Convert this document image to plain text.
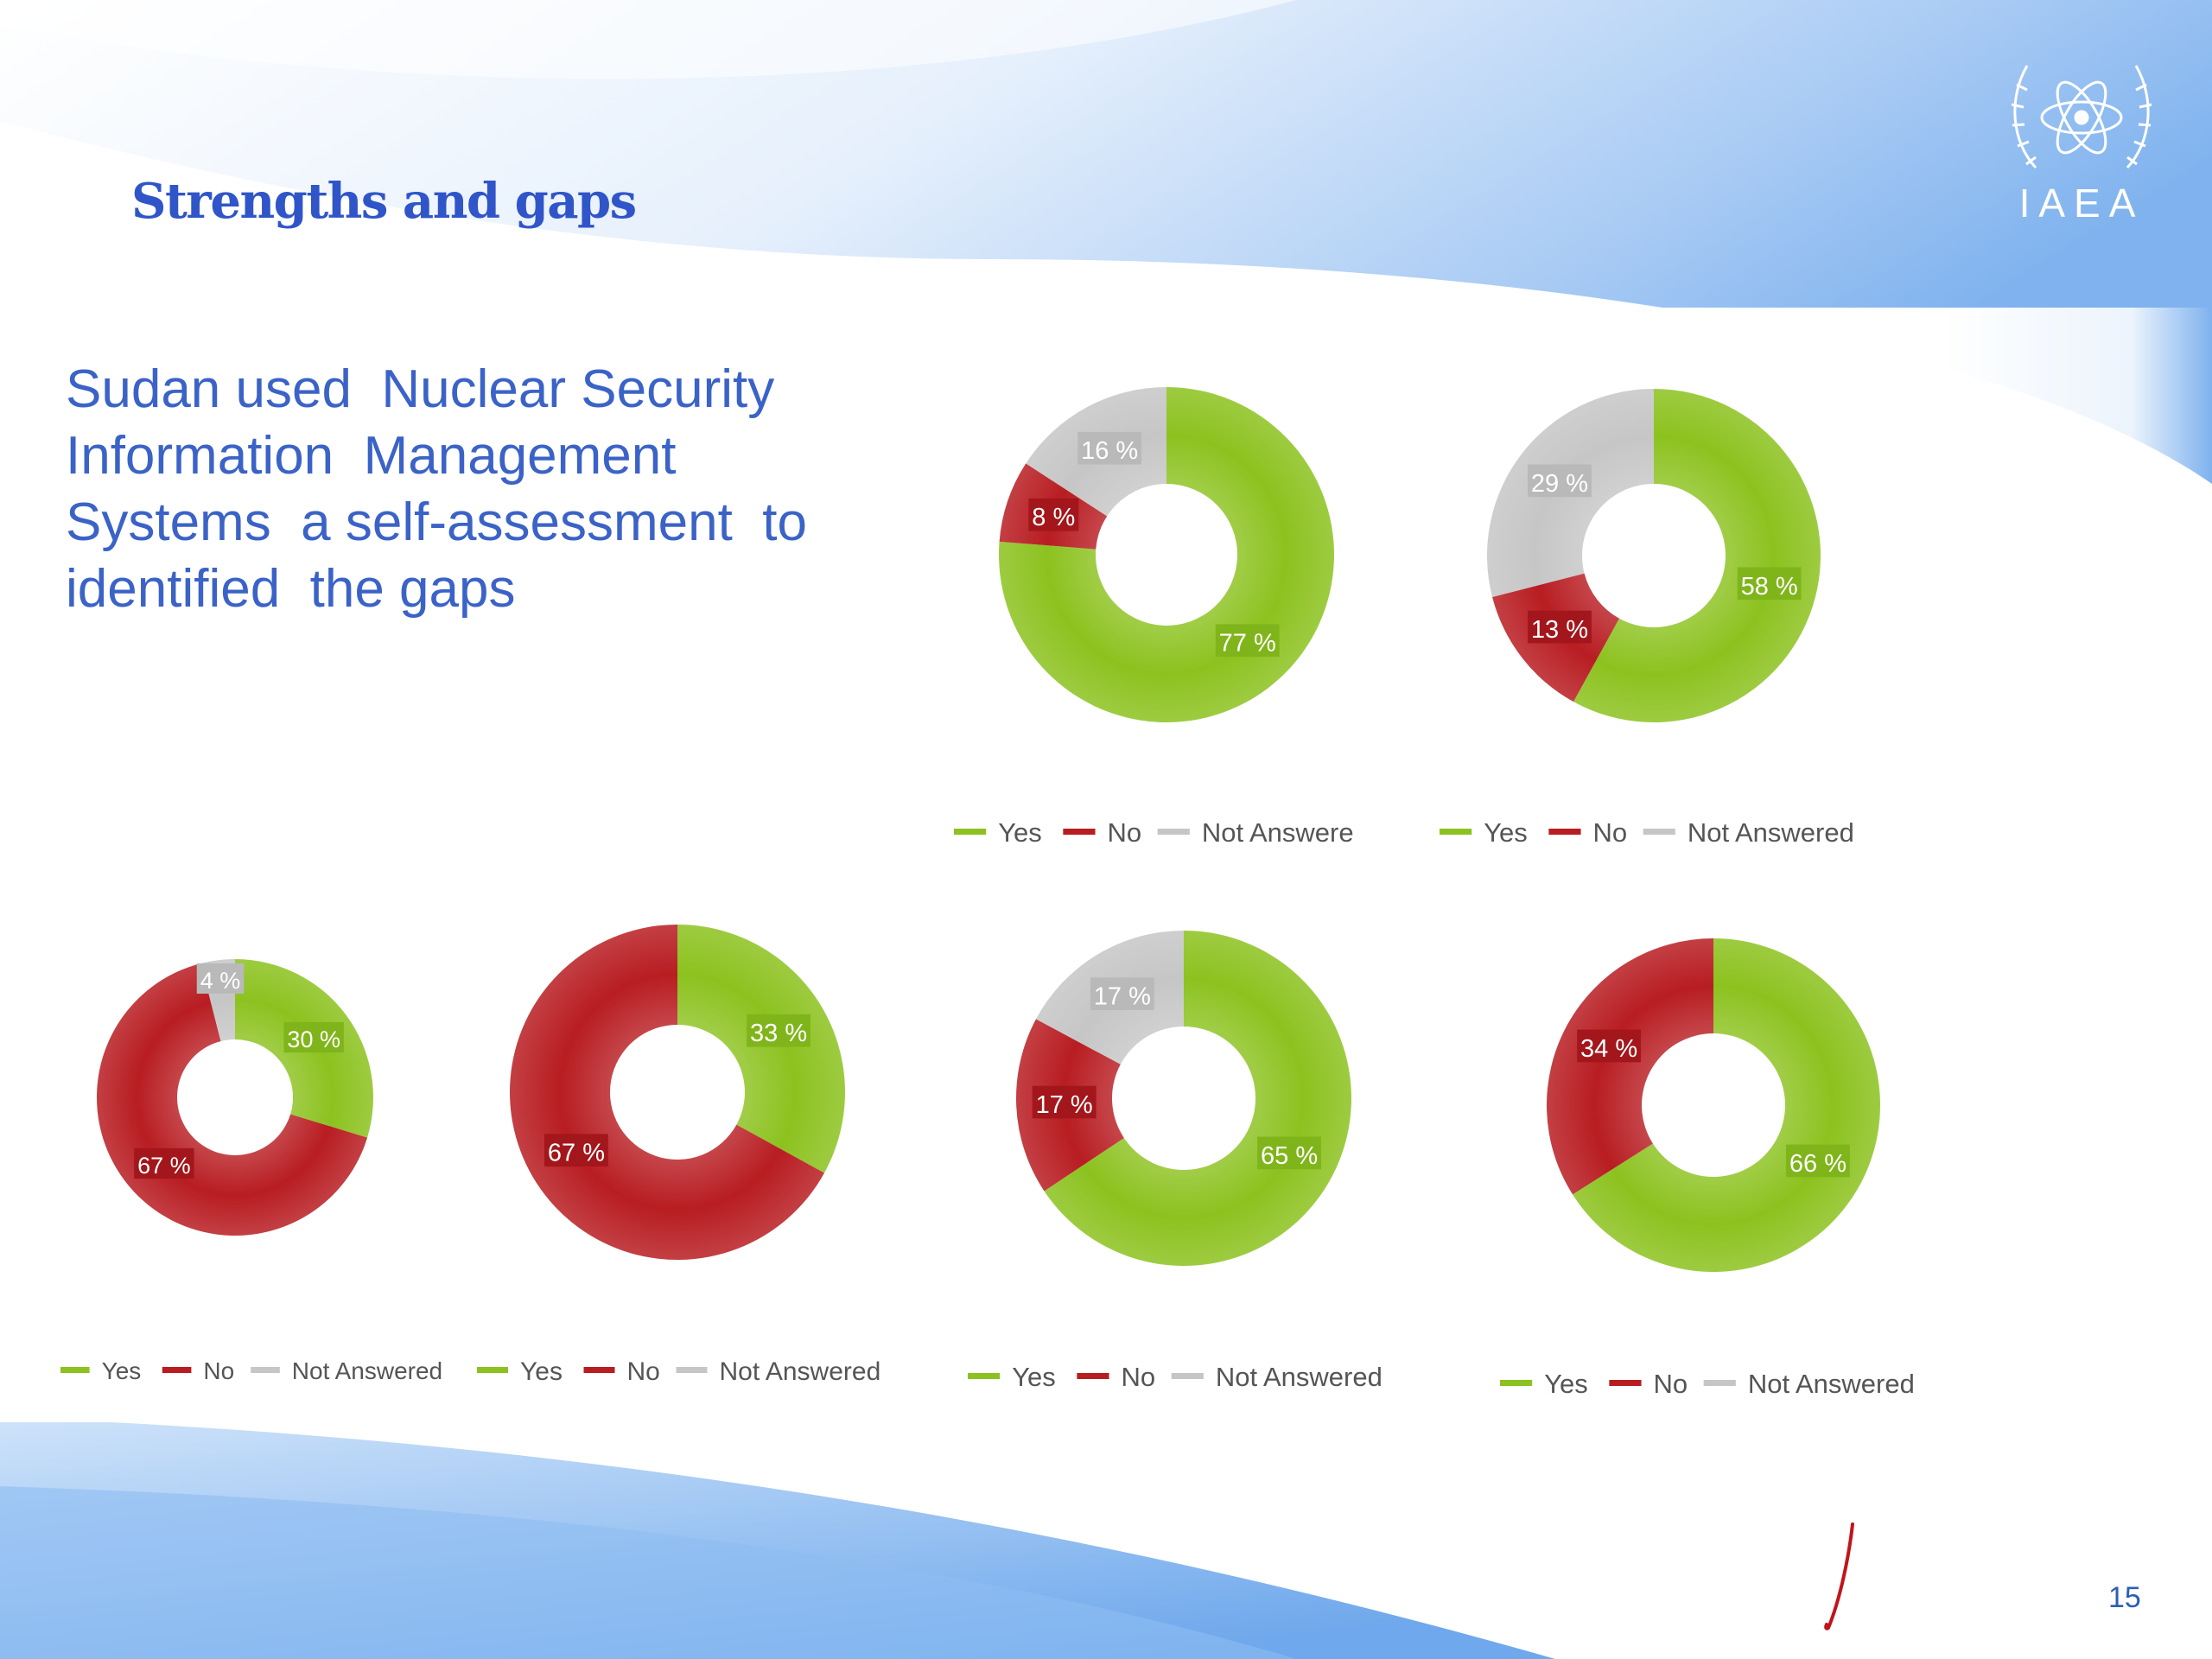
Strengths and gaps

Sudan used  Nuclear Security
Information  Management
Systems  a self-assessment  to
identified  the gaps

IAEA
77 %
8 %
16 %
Yes No Not Answere
58 %
13 %
29 %
Yes No Not Answered
30 %
67 %
4 %
Yes	No Not Answered
33 %
67 %
Yes No Not Answered
65 %
17 %
17 %
Yes No Not Answered
66 %
34 %
Yes No Not Answered
15
